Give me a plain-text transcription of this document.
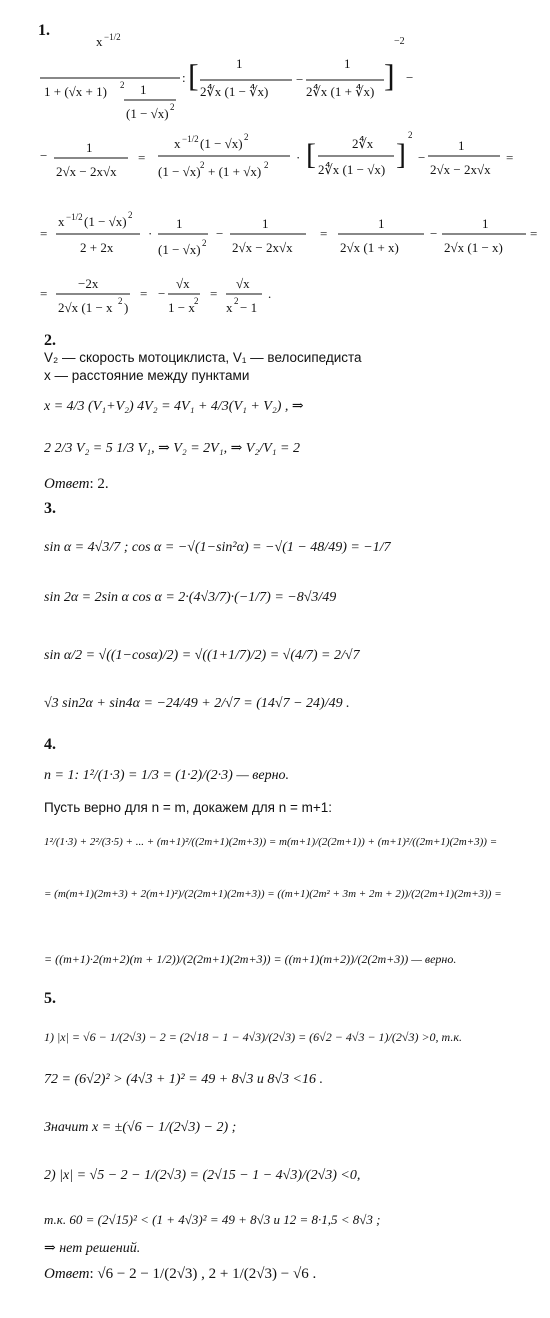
1.
x −1/2
1 + (√x + 1) 2 1
(1 − √x) 2
: [	1
2∜x (1 − ∜x)
−
1
2∜x (1 + ∜x) ]
−2
−
−
1
2√x − 2x√x
=
x −1/2 (1 − √x) 2
(1 − √x) 2 + (1 + √x) 2 · [	2∜x
2∜x (1 − √x) ]
2
−
1
2√x − 2x√x
=
=
x −1/2 (1 − √x) 2
2 + 2x
·
1
(1 − √x) 2
−
1
2√x − 2x√x
=
1
2√x (1 + x)
−
1
2√x (1 − x)
=
=
−2x
2√x (1 − x 2 )
= −
√x
1 − x 2 =
√x
x 2 − 1
.
2.
V₂ — скорость мотоциклиста, V₁ — велосипедиста
x — расстояние между пунктами
x = 4/3 (V₁+V₂) 4V₂ = 4V₁ + 4/3(V₁ + V₂) , ⇒
2 2/3 V₂ = 5 1/3 V₁, ⇒ V₂ = 2V₁, ⇒ V₂/V₁ = 2
Ответ: 2.
3.
sin α = 4√3/7 ; cos α = −√(1−sin²α) = −√(1 − 48/49) = −1/7
sin 2α = 2sin α cos α = 2·(4√3/7)·(−1/7) = −8√3/49
sin α/2 = √((1−cosα)/2) = √((1+1/7)/2) = √(4/7) = 2/√7
√3 sin2α + sin4α = −24/49 + 2/√7 = (14√7 − 24)/49 .
4.
n = 1: 1²/(1·3) = 1/3 = (1·2)/(2·3) — верно.
Пусть верно для n = m, докажем для n = m+1:
1²/(1·3) + 2²/(3·5) + ... + (m+1)²/((2m+1)(2m+3)) = m(m+1)/(2(2m+1)) + (m+1)²/((2m+1)(2m+3)) =
= (m(m+1)(2m+3) + 2(m+1)²)/(2(2m+1)(2m+3)) = ((m+1)(2m² + 3m + 2m + 2))/(2(2m+1)(2m+3)) =
= ((m+1)·2(m+2)(m + 1/2))/(2(2m+1)(2m+3)) = ((m+1)(m+2))/(2(2m+3)) — верно.
5.
1) |x| = √6 − 1/(2√3) − 2 = (2√18 − 1 − 4√3)/(2√3) = (6√2 − 4√3 − 1)/(2√3) >0, т.к.
72 = (6√2)² > (4√3 + 1)² = 49 + 8√3 и 8√3 <16 .
Значит x = ±(√6 − 1/(2√3) − 2) ;
2) |x| = √5 − 2 − 1/(2√3) = (2√15 − 1 − 4√3)/(2√3) <0,
т.к. 60 = (2√15)² < (1 + 4√3)² = 49 + 8√3 и 12 = 8·1,5 < 8√3 ;
⇒ нет решений.
Ответ: √6 − 2 − 1/(2√3) , 2 + 1/(2√3) − √6 .
